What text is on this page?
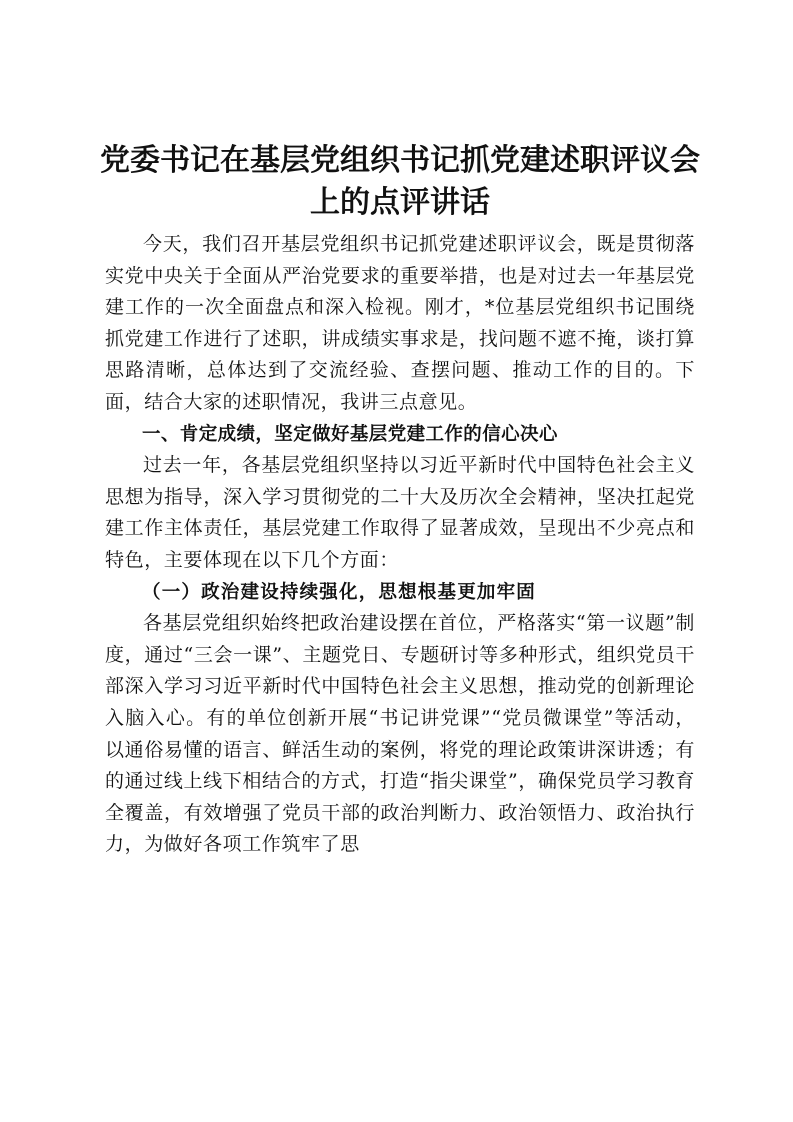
党委书记在基层党组织书记抓党建述职评议会上的点评讲话

今天，我们召开基层党组织书记抓党建述职评议会，既是贯彻落实党中央关于全面从严治党要求的重要举措，也是对过去一年基层党建工作的一次全面盘点和深入检视。刚才，*位基层党组织书记围绕抓党建工作进行了述职，讲成绩实事求是，找问题不遮不掩，谈打算思路清晰，总体达到了交流经验、查摆问题、推动工作的目的。下面，结合大家的述职情况，我讲三点意见。

一、肯定成绩，坚定做好基层党建工作的信心决心

过去一年，各基层党组织坚持以习近平新时代中国特色社会主义思想为指导，深入学习贯彻党的二十大及历次全会精神，坚决扛起党建工作主体责任，基层党建工作取得了显著成效，呈现出不少亮点和特色，主要体现在以下几个方面：

（一）政治建设持续强化，思想根基更加牢固

各基层党组织始终把政治建设摆在首位，严格落实“第一议题”制度，通过“三会一课”、主题党日、专题研讨等多种形式，组织党员干部深入学习习近平新时代中国特色社会主义思想，推动党的创新理论入脑入心。有的单位创新开展“书记讲党课”“党员微课堂”等活动，以通俗易懂的语言、鲜活生动的案例，将党的理论政策讲深讲透；有的通过线上线下相结合的方式，打造“指尖课堂”，确保党员学习教育全覆盖，有效增强了党员干部的政治判断力、政治领悟力、政治执行力，为做好各项工作筑牢了思
